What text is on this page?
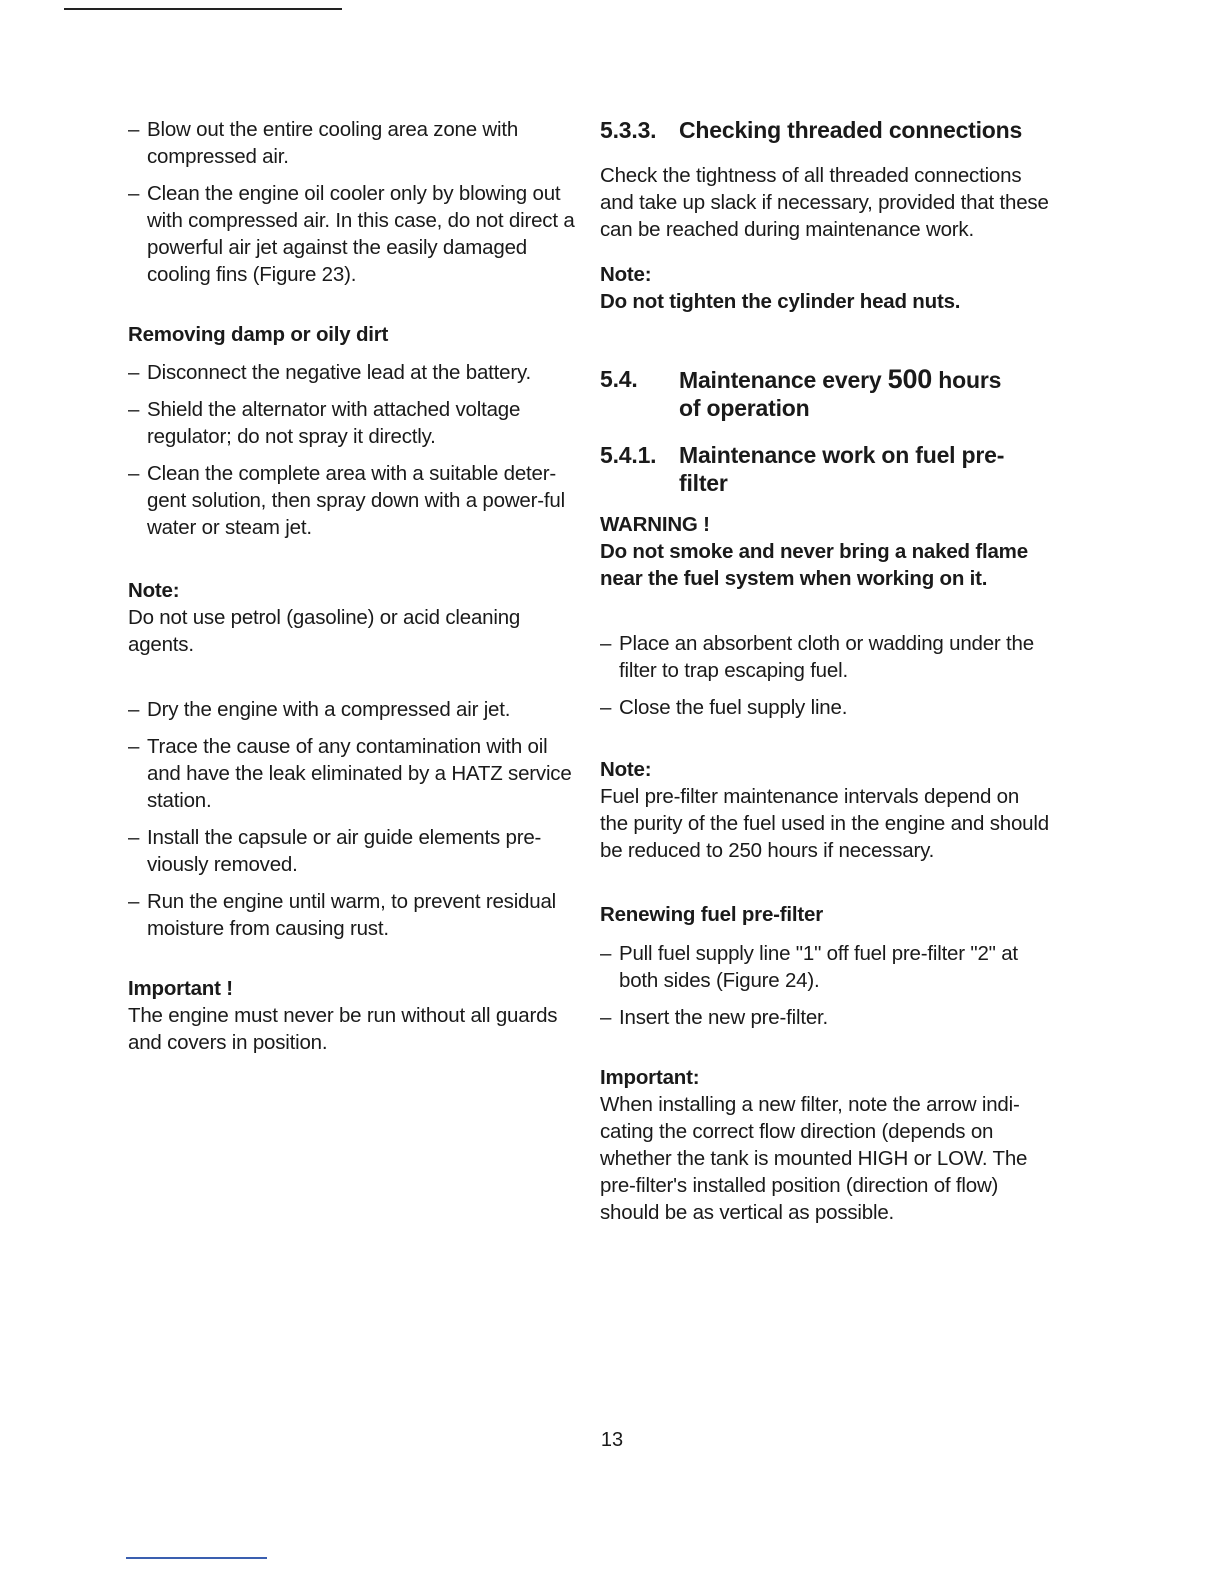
– Blow out the entire cooling area zone with compressed air.
– Clean the engine oil cooler only by blowing out with compressed air. In this case, do not direct a powerful air jet against the easily damaged cooling fins (Figure 23).

Removing damp or oily dirt

– Disconnect the negative lead at the battery.
– Shield the alternator with attached voltage regulator; do not spray it directly.
– Clean the complete area with a suitable deter-gent solution, then spray down with a power-ful water or steam jet.

Note:

Do not use petrol (gasoline) or acid cleaning agents.

– Dry the engine with a compressed air jet.
– Trace the cause of any contamination with oil and have the leak eliminated by a HATZ service station.
– Install the capsule or air guide elements pre-viously removed.
– Run the engine until warm, to prevent residual moisture from causing rust.

Important !

The engine must never be run without all guards and covers in position.

5.3.3. Checking threaded connections

Check the tightness of all threaded connections and take up slack if necessary, provided that these can be reached during maintenance work.

Note:

Do not tighten the cylinder head nuts.

5.4.	Maintenance every 500 hours
of operation
5.4.1. Maintenance work on fuel pre-filter

WARNING !

Do not smoke and never bring a naked flame near the fuel system when working on it.

– Place an absorbent cloth or wadding under the filter to trap escaping fuel.
– Close the fuel supply line.

Note:

Fuel pre-filter maintenance intervals depend on the purity of the fuel used in the engine and should be reduced to 250 hours if necessary.

Renewing fuel pre-filter

– Pull fuel supply line "1" off fuel pre-filter "2" at both sides (Figure 24).
– Insert the new pre-filter.

Important:

When installing a new filter, note the arrow indi-cating the correct flow direction (depends on whether the tank is mounted HIGH or LOW. The pre-filter's installed position (direction of flow) should be as vertical as possible.

13
